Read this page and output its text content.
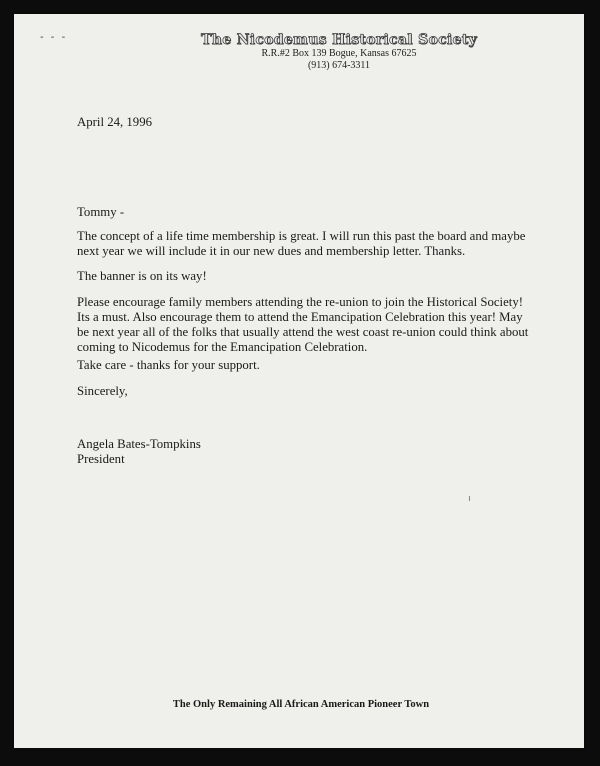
‑ ‑ ‑	The Nicodemus Historical Society
R.R.#2 Box 139 Bogue, Kansas 67625
(913) 674-3311

April 24, 1996

Tommy -

The concept of a life time membership is great. I will run this past the board and maybe next year we will include it in our new dues and membership letter. Thanks.

The banner is on its way!

Please encourage family members attending the re-union to join the Historical Society! Its a must. Also encourage them to attend the Emancipation Celebration this year! May be next year all of the folks that usually attend the west coast re-union could think about coming to Nicodemus for the Emancipation Celebration.

Take care - thanks for your support.

Sincerely,

Angela Bates-Tompkins
President
The Only Remaining All African American Pioneer Town
